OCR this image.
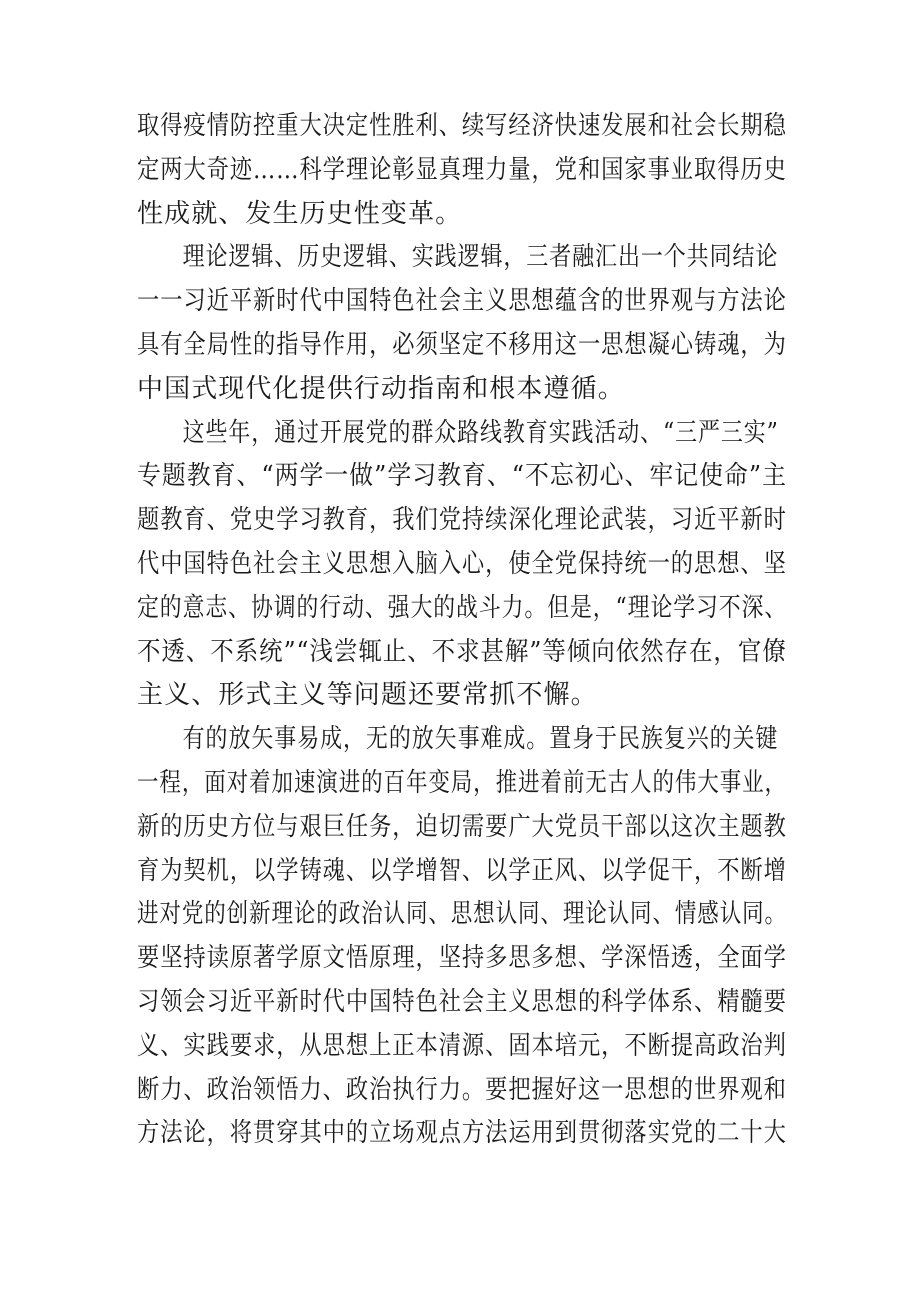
取得疫情防控重大决定性胜利、续写经济快速发展和社会长期稳
定两大奇迹……科学理论彰显真理力量，党和国家事业取得历史
性成就、发生历史性变革。
理论逻辑、历史逻辑、实践逻辑，三者融汇出一个共同结论
一一习近平新时代中国特色社会主义思想蕴含的世界观与方法论
具有全局性的指导作用，必须坚定不移用这一思想凝心铸魂，为
中国式现代化提供行动指南和根本遵循。
这些年，通过开展党的群众路线教育实践活动、“三严三实”
专题教育、“两学一做”学习教育、“不忘初心、牢记使命”主
题教育、党史学习教育，我们党持续深化理论武装，习近平新时
代中国特色社会主义思想入脑入心，使全党保持统一的思想、坚
定的意志、协调的行动、强大的战斗力。但是，“理论学习不深、
不透、不系统”“浅尝辄止、不求甚解”等倾向依然存在，官僚
主义、形式主义等问题还要常抓不懈。
有的放矢事易成，无的放矢事难成。置身于民族复兴的关键
一程，面对着加速演进的百年变局，推进着前无古人的伟大事业，
新的历史方位与艰巨任务，迫切需要广大党员干部以这次主题教
育为契机，以学铸魂、以学增智、以学正风、以学促干，不断增
进对党的创新理论的政治认同、思想认同、理论认同、情感认同。
要坚持读原著学原文悟原理，坚持多思多想、学深悟透，全面学
习领会习近平新时代中国特色社会主义思想的科学体系、精髓要
义、实践要求，从思想上正本清源、固本培元，不断提高政治判
断力、政治领悟力、政治执行力。要把握好这一思想的世界观和
方法论，将贯穿其中的立场观点方法运用到贯彻落实党的二十大
